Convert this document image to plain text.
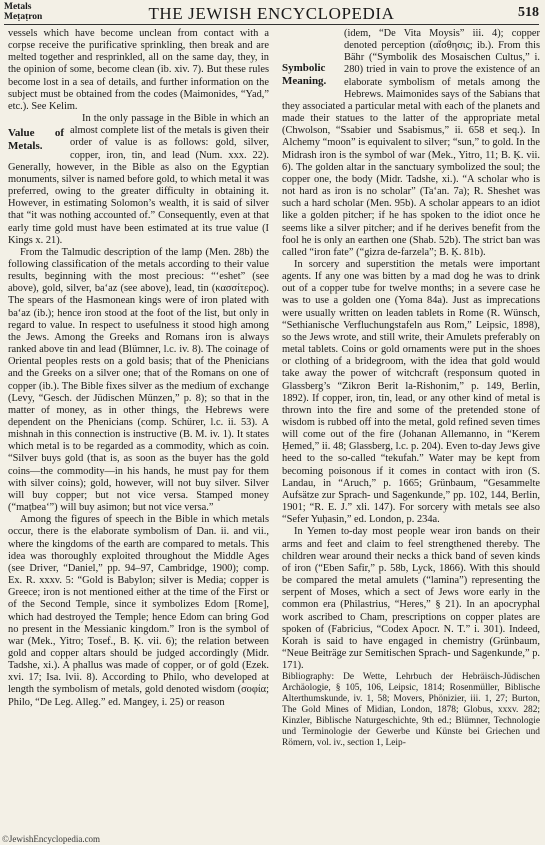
Metals
Meṭaṭron	THE JEWISH ENCYCLOPEDIA	518

vessels which have become unclean from contact with a corpse receive the purificative sprinkling, then break and are melted together and resprinkled, all on the same day, they, in the opinion of some, become clean (ib. xiv. 7). But these rules become lost in a sea of details, and further information on the subject must be obtained from the codes (Maimonides, “Yad,” etc.). See Kelim.

Value of Metals.

In the only passage in the Bible in which an almost complete list of the metals is given their order of value is as follows: gold, silver, copper, iron, tin, and lead (Num. xxx. 22). Generally, however, in the Bible as also on the Egyptian monuments, silver is named before gold, to which metal it was preferred, owing to the greater difficulty in obtaining it. However, in estimating Solomon’s wealth, it is said of silver that “it was nothing accounted of.” Consequently, even at that early time gold must have been estimated at its true value (I Kings x. 21).

From the Talmudic description of the lamp (Men. 28b) the following classification of the metals according to their value results, beginning with the most precious: “‘eshet” (see above), gold, silver, ba‘az (see above), lead, tin (κασσίτερος). The spears of the Hasmonean kings were of iron plated with ba‘az (ib.); hence iron stood at the foot of the list, but only in regard to value. In respect to usefulness it stood high among the Jews. Among the Greeks and Romans iron is always ranked above tin and lead (Blümner, l.c. iv. 8). The coinage of Oriental peoples rests on a gold basis; that of the Phenicians and the Greeks on a silver one; that of the Romans on one of copper (ib.). The Bible fixes silver as the medium of exchange (Levy, “Gesch. der Jüdischen Münzen,” p. 8); so that in the matter of money, as in other things, the Hebrews were dependent on the Phenicians (comp. Schürer, l.c. ii. 53). A mishnah in this connection is instructive (B. M. iv. 1). It states which metal is to be regarded as a commodity, which as coin. “Silver buys gold (that is, as soon as the buyer has the gold coins—the commodity—in his hands, he must pay for them with silver coins); gold, however, will not buy silver. Silver will buy copper; but not vice versa. Stamped money (“maṭbea‘”) will buy asimon; but not vice versa.”

Among the figures of speech in the Bible in which metals occur, there is the elaborate symbolism of Dan. ii. and vii., where the kingdoms of the earth are compared to metals. This idea was thoroughly exploited throughout the Middle Ages (see Driver, “Daniel,” pp. 94–97, Cambridge, 1900); comp. Ex. R. xxxv. 5: “Gold is Babylon; silver is Media; copper is Greece; iron is not mentioned either at the time of the First or of the Second Temple, since it symbolizes Edom [Rome], which had destroyed the Temple; hence Edom can bring God no present in the Messianic kingdom.” Iron is the symbol of war (Mek., Yitro; Tosef., B. Ḳ. vii. 6); the relation between gold and copper altars should be judged accordingly (Midr. Tadshe, xi.). A phallus was made of copper, or of gold (Ezek. xvi. 17; Isa. lvii. 8). According to Philo, who developed at length the symbolism of metals, gold denoted wisdom (σοφία; Philo, “De Leg. Alleg.” ed. Mangey, i. 25) or reason

Symbolic Meaning.

(idem, “De Vita Moysis” iii. 4); copper denoted perception (αἴσθησις; ib.). From this Bähr (“Symbolik des Mosaischen Cultus,” i. 280) tried in vain to prove the existence of an elaborate symbolism of metals among the Hebrews. Maimonides says of the Sabians that they associated a particular metal with each of the planets and made their statues to the latter of the appropriate metal (Chwolson, “Ssabier und Ssabismus,” ii. 658 et seq.). In Alchemy “moon” is equivalent to silver; “sun,” to gold. In the Midrash iron is the symbol of war (Mek., Yitro, 11; B. Ḳ. vii. 6). The golden altar in the sanctuary symbolized the soul; the copper one, the body (Midr. Tadshe, xi.). “A scholar who is not hard as iron is no scholar” (Ta‘an. 7a); R. Sheshet was such a hard scholar (Men. 95b). A scholar appears to an idiot like a golden pitcher; if he has spoken to the idiot once he seems like a silver pitcher; and if he derives benefit from the fool he is only an earthen one (Shab. 52b). The strict ban was called “iron fate” (“gizra de-farzela”; B. Ḳ. 81b).

In sorcery and superstition the metals were important agents. If any one was bitten by a mad dog he was to drink out of a copper tube for twelve months; in a severe case he was to use a golden one (Yoma 84a). Just as imprecations were usually written on leaden tablets in Rome (R. Wünsch, “Sethianische Verfluchungstafeln aus Rom,” Leipsic, 1898), so the Jews wrote, and still write, their Amulets preferably on metal tablets. Coins or gold ornaments were put in the shoes or clothing of a bridegroom, with the idea that gold would take away the power of witchcraft (responsum quoted in Glassberg’s “Zikron Berit la-Rishonim,” p. 149, Berlin, 1892). If copper, iron, tin, lead, or any other kind of metal is thrown into the fire and some of the pretended stone of wisdom is rubbed off into the metal, gold refined seven times will come out of the fire (Johanan Allemanno, in “Kerem Ḥemed,” ii. 48; Glassberg, l.c. p. 204). Even to-day Jews give heed to the so-called “tekufah.” Water may be kept from becoming poisonous if it comes in contact with iron (S. Landau, in “Aruch,” p. 1665; Grünbaum, “Gesammelte Aufsätze zur Sprach- und Sagenkunde,” pp. 102, 144, Berlin, 1901; “R. E. J.” xli. 147). For sorcery with metals see also “Sefer Yuḥasin,” ed. London, p. 234a.

In Yemen to-day most people wear iron bands on their arms and feet and claim to feel strengthened thereby. The children wear around their necks a thick band of seven kinds of iron (“Eben Safir,” p. 58b, Lyck, 1866). With this should be compared the metal amulets (“lamina”) representing the serpent of Moses, which a sect of Jews wore early in the common era (Philastrius, “Heres,” § 21). In an apocryphal work ascribed to Cham, prescriptions on copper plates are spoken of (Fabricius, “Codex Apocr. N. T.” i. 301). Indeed, Korah is said to have engaged in chemistry (Grünbaum, “Neue Beiträge zur Semitischen Sprach- und Sagenkunde,” p. 171).

Bibliography: De Wette, Lehrbuch der Hebräisch-Jüdischen Archäologie, § 105, 106, Leipsic, 1814; Rosenmüller, Biblische Alterthumskunde, iv. 1, 58; Movers, Phönizier, iii. 1, 27; Burton, The Gold Mines of Midian, London, 1878; Globus, xxxv. 282; Kinzler, Biblische Naturgeschichte, 9th ed.; Blümner, Technologie und Terminologie der Gewerbe und Künste bei Griechen und Römern, vol. iv., section 1, Leip-

©JewishEncyclopedia.com
